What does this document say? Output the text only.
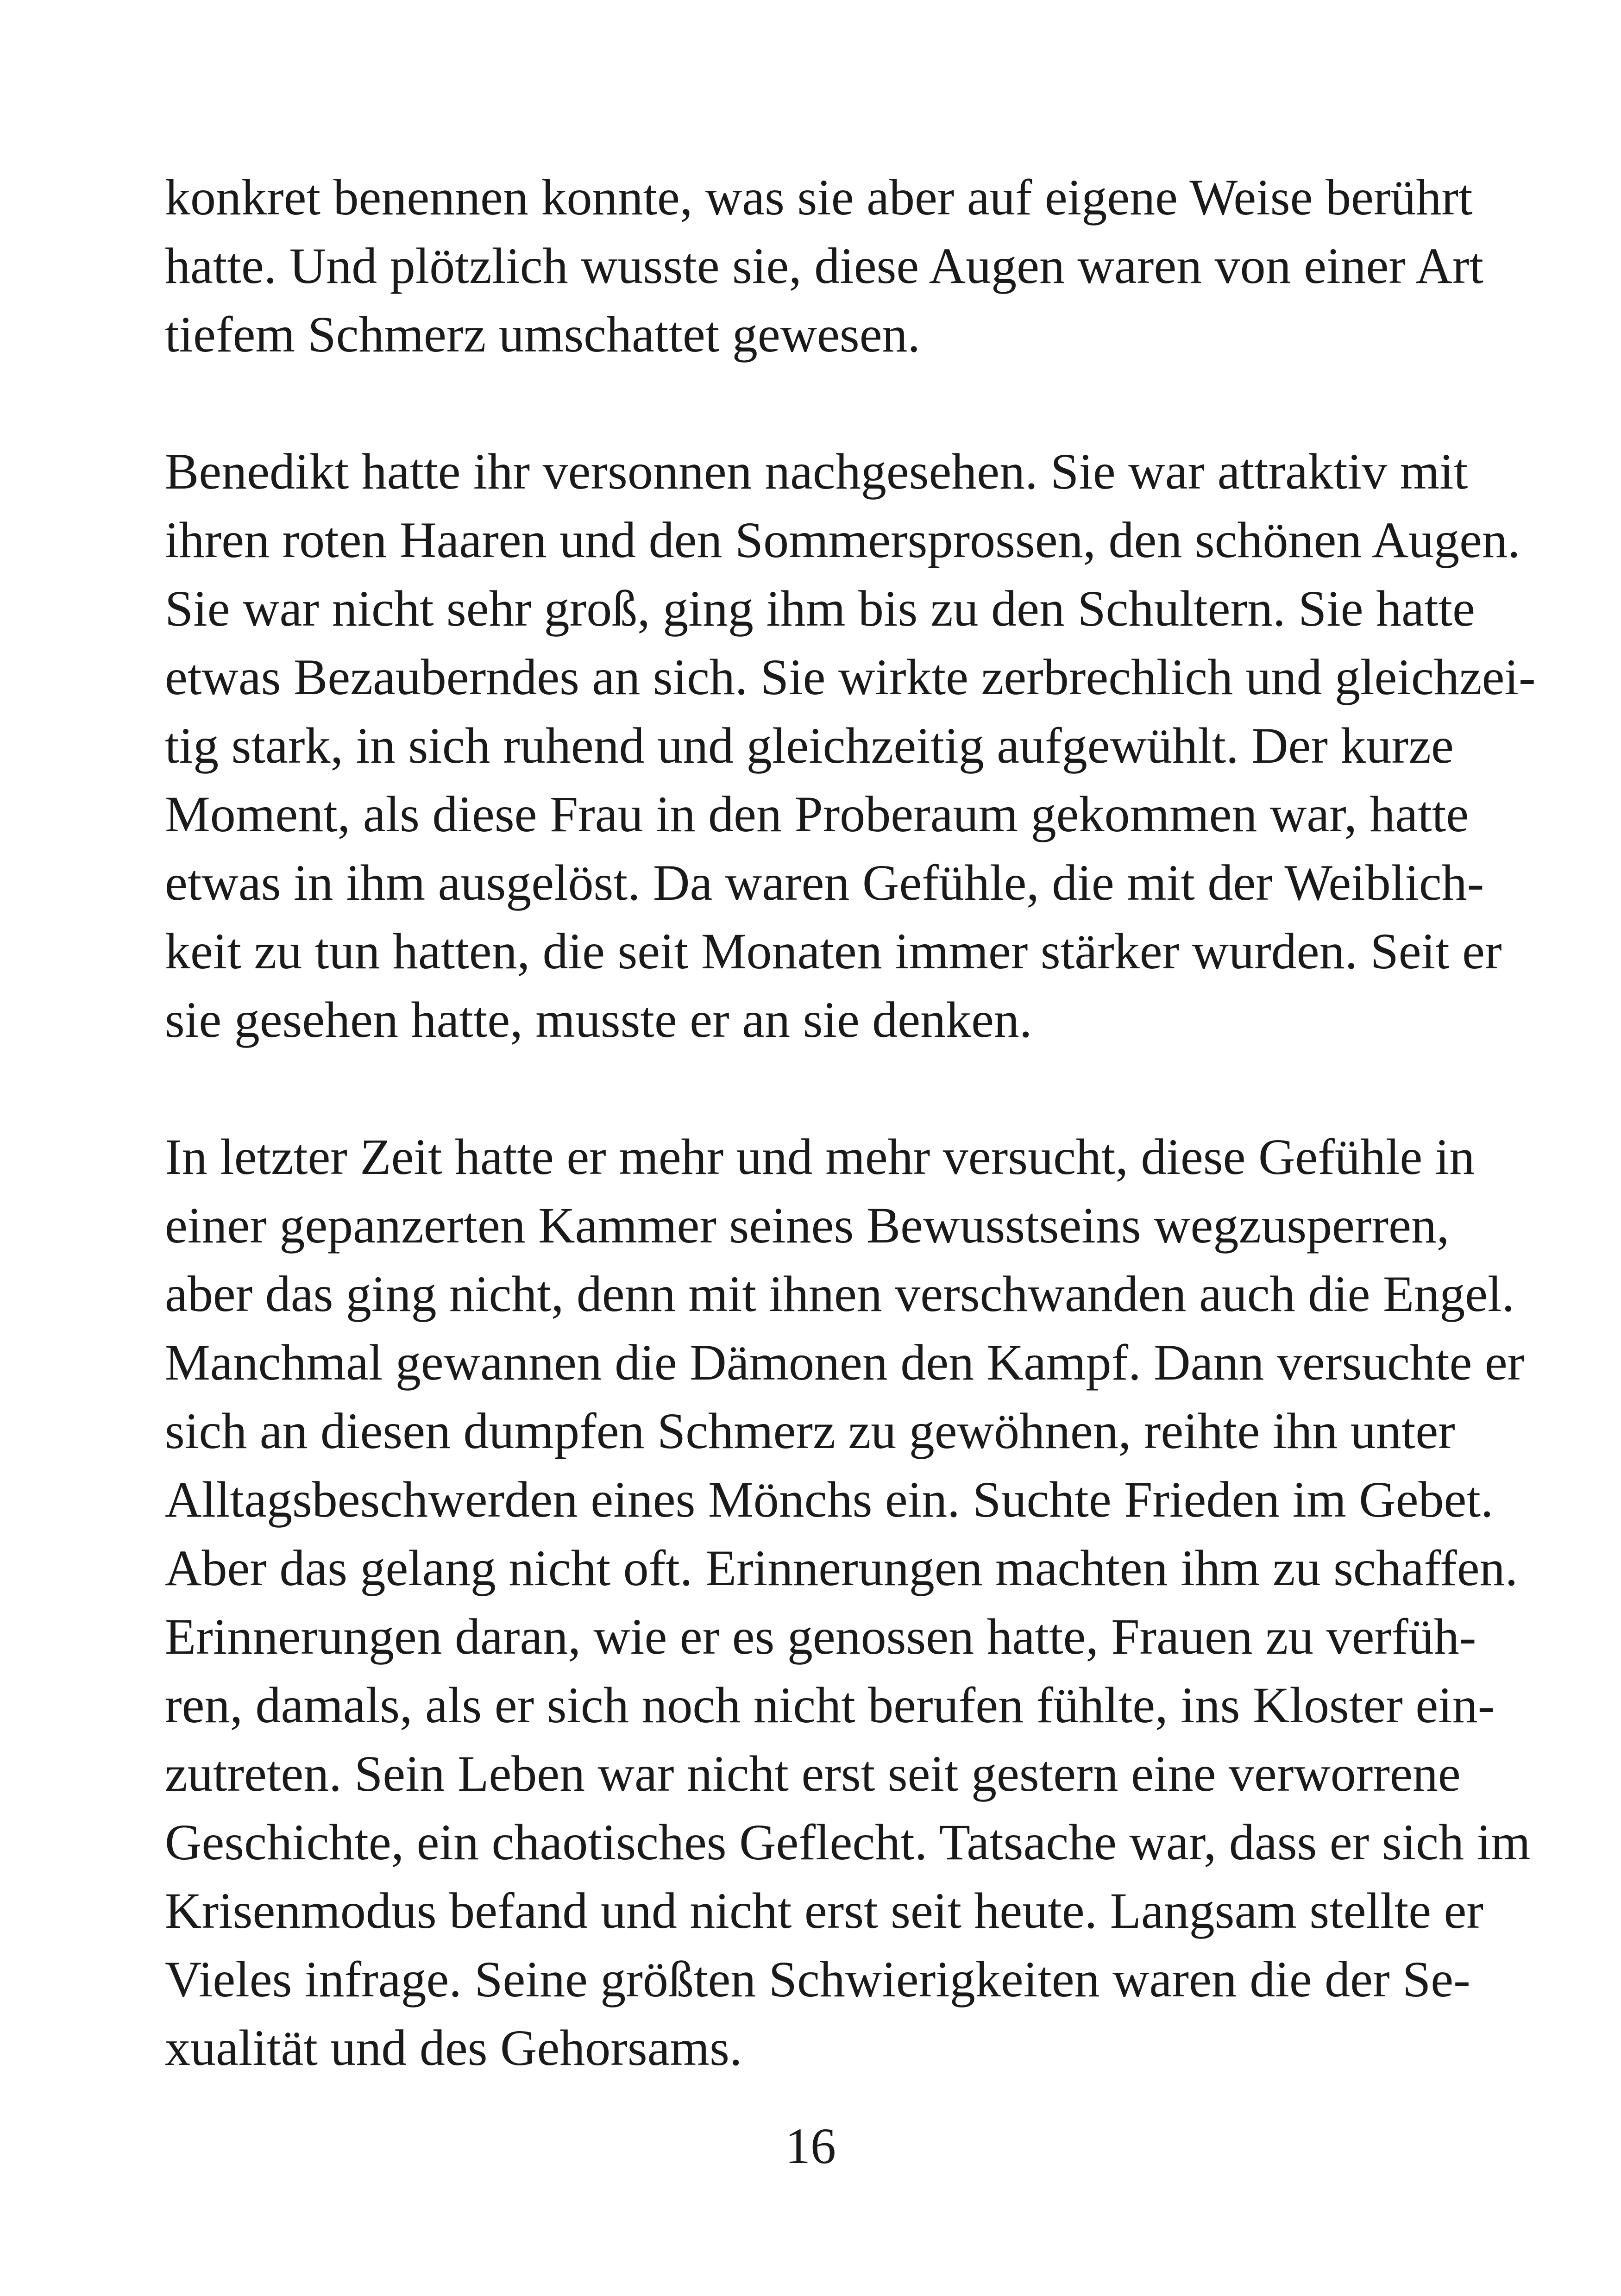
konkret benennen konnte, was sie aber auf eigene Weise berührt
hatte. Und plötzlich wusste sie, diese Augen waren von einer Art
tiefem Schmerz umschattet gewesen.
Benedikt hatte ihr versonnen nachgesehen. Sie war attraktiv mit
ihren roten Haaren und den Sommersprossen, den schönen Augen.
Sie war nicht sehr groß, ging ihm bis zu den Schultern. Sie hatte
etwas Bezauberndes an sich. Sie wirkte zerbrechlich und gleichzei-
tig stark, in sich ruhend und gleichzeitig aufgewühlt. Der kurze
Moment, als diese Frau in den Proberaum gekommen war, hatte
etwas in ihm ausgelöst. Da waren Gefühle, die mit der Weiblich-
keit zu tun hatten, die seit Monaten immer stärker wurden. Seit er
sie gesehen hatte, musste er an sie denken.
In letzter Zeit hatte er mehr und mehr versucht, diese Gefühle in
einer gepanzerten Kammer seines Bewusstseins wegzusperren,
aber das ging nicht, denn mit ihnen verschwanden auch die Engel.
Manchmal gewannen die Dämonen den Kampf. Dann versuchte er
sich an diesen dumpfen Schmerz zu gewöhnen, reihte ihn unter
Alltagsbeschwerden eines Mönchs ein. Suchte Frieden im Gebet.
Aber das gelang nicht oft. Erinnerungen machten ihm zu schaffen.
Erinnerungen daran, wie er es genossen hatte, Frauen zu verfüh-
ren, damals, als er sich noch nicht berufen fühlte, ins Kloster ein-
zutreten. Sein Leben war nicht erst seit gestern eine verworrene
Geschichte, ein chaotisches Geflecht. Tatsache war, dass er sich im
Krisenmodus befand und nicht erst seit heute. Langsam stellte er
Vieles infrage. Seine größten Schwierigkeiten waren die der Se-
xualität und des Gehorsams.
16
